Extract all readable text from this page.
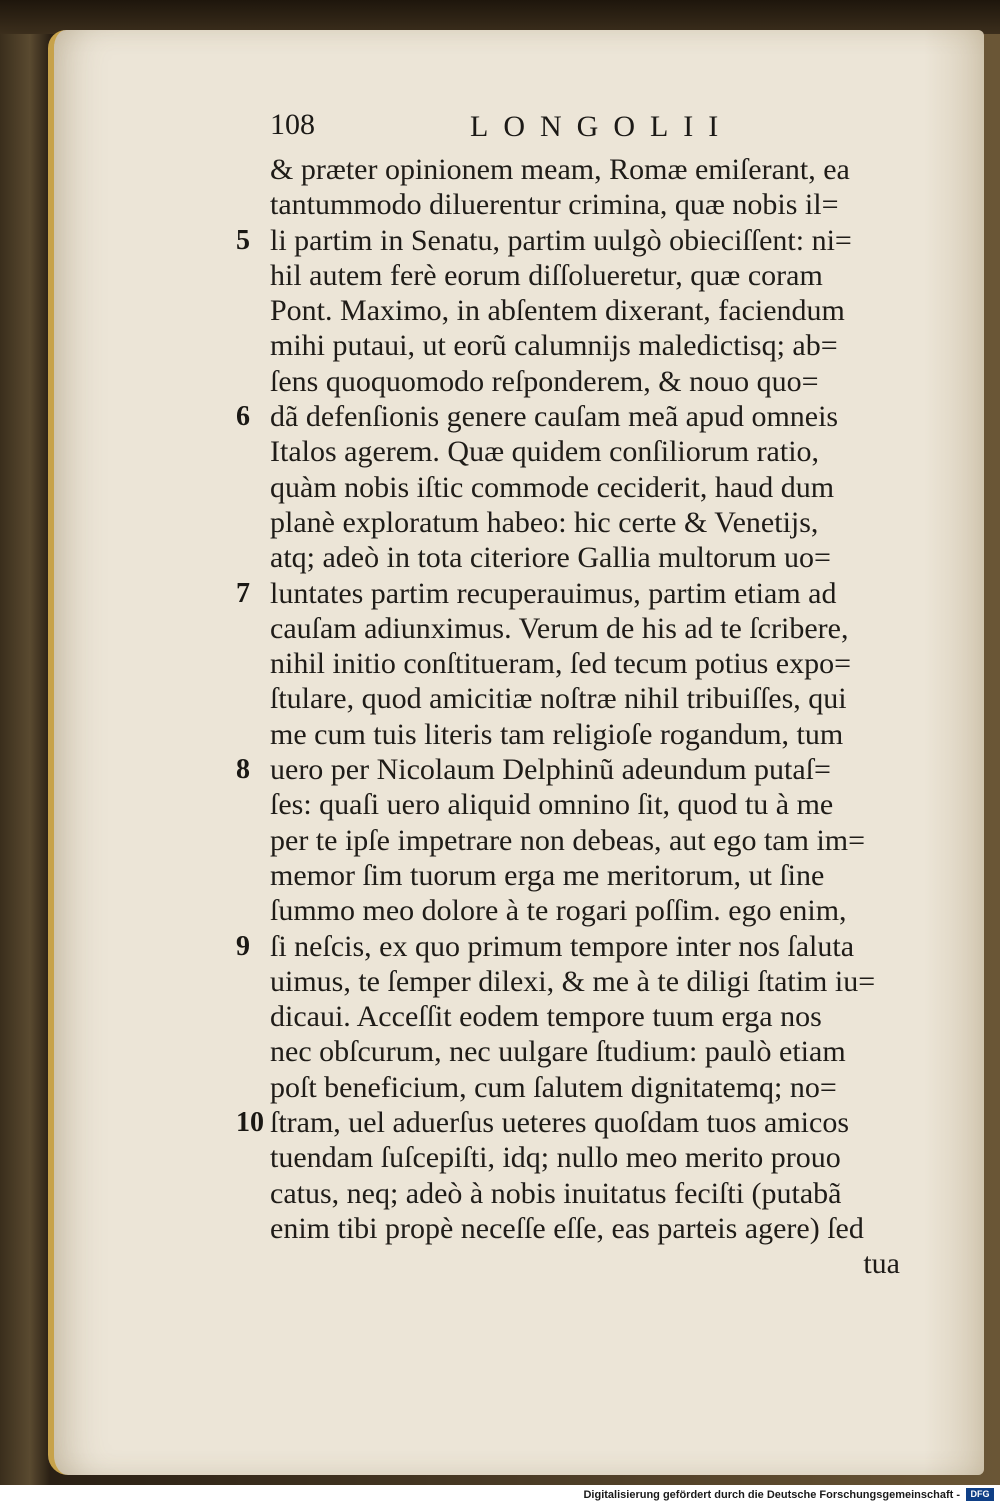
108	LONGOLII
& præter opinionem meam, Romæ emiſerant, ea
tantummodo diluerentur crimina, quæ nobis il=
5 li partim in Senatu, partim uulgò obieciſſent: ni=
hil autem ferè eorum diſſolueretur, quæ coram
Pont. Maximo, in abſentem dixerant, faciendum
mihi putaui, ut eorũ calumnijs maledictisq; ab=
ſens quoquomodo reſponderem, & nouo quo=
6 dã defenſionis genere cauſam meã apud omneis
Italos agerem. Quæ quidem conſiliorum ratio,
quàm nobis iſtic commode ceciderit, haud dum
planè exploratum habeo: hic certe & Venetijs,
atq; adeò in tota citeriore Gallia multorum uo=
7 luntates partim recuperauimus, partim etiam ad
cauſam adiunximus. Verum de his ad te ſcribere,
nihil initio conſtitueram, ſed tecum potius expo=
ſtulare, quod amicitiæ noſtræ nihil tribuiſſes, qui
me cum tuis literis tam religioſe rogandum, tum
8 uero per Nicolaum Delphinũ adeundum putaſ=
ſes: quaſi uero aliquid omnino ſit, quod tu à me
per te ipſe impetrare non debeas, aut ego tam im=
memor ſim tuorum erga me meritorum, ut ſine
ſummo meo dolore à te rogari poſſim. ego enim,
9 ſi neſcis, ex quo primum tempore inter nos ſaluta
uimus, te ſemper dilexi, & me à te diligi ſtatim iu=
dicaui. Acceſſit eodem tempore tuum erga nos
nec obſcurum, nec uulgare ſtudium: paulò etiam
poſt beneficium, cum ſalutem dignitatemq; no=
10 ſtram, uel aduerſus ueteres quoſdam tuos amicos
tuendam ſuſcepiſti, idq; nullo meo merito prouo
catus, neq; adeò à nobis inuitatus feciſti (putabã
enim tibi propè neceſſe eſſe, eas parteis agere) ſed
tua
Digitalisierung gefördert durch die Deutsche Forschungsgemeinschaft -	DFG
